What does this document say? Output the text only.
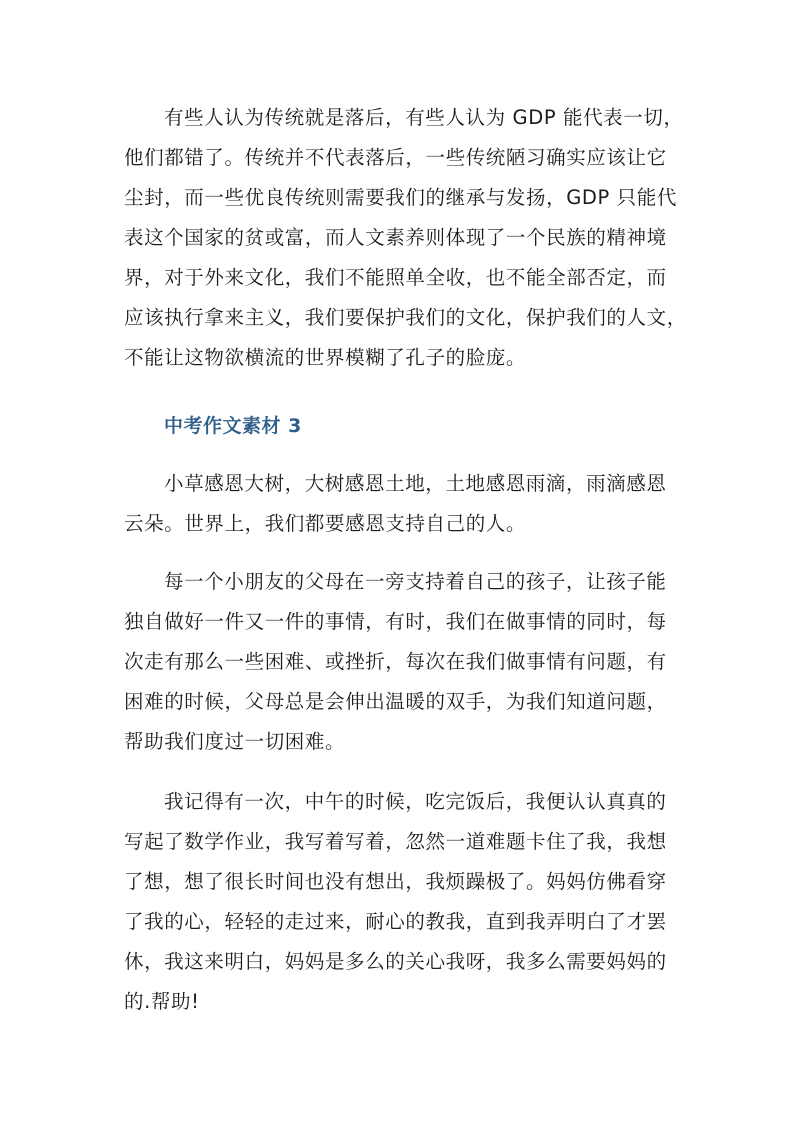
有些人认为传统就是落后，有些人认为 GDP 能代表一切，
他们都错了。传统并不代表落后，一些传统陋习确实应该让它
尘封，而一些优良传统则需要我们的继承与发扬，GDP 只能代
表这个国家的贫或富，而人文素养则体现了一个民族的精神境
界，对于外来文化，我们不能照单全收，也不能全部否定，而
应该执行拿来主义，我们要保护我们的文化，保护我们的人文，
不能让这物欲横流的世界模糊了孔子的脸庞。
中考作文素材 3
小草感恩大树，大树感恩土地，土地感恩雨滴，雨滴感恩
云朵。世界上，我们都要感恩支持自己的人。
每一个小朋友的父母在一旁支持着自己的孩子，让孩子能
独自做好一件又一件的事情，有时，我们在做事情的同时，每
次走有那么一些困难、或挫折，每次在我们做事情有问题，有
困难的时候，父母总是会伸出温暖的双手，为我们知道问题，
帮助我们度过一切困难。
我记得有一次，中午的时候，吃完饭后，我便认认真真的
写起了数学作业，我写着写着，忽然一道难题卡住了我，我想
了想，想了很长时间也没有想出，我烦躁极了。妈妈仿佛看穿
了我的心，轻轻的走过来，耐心的教我，直到我弄明白了才罢
休，我这来明白，妈妈是多么的关心我呀，我多么需要妈妈的
的.帮助!
